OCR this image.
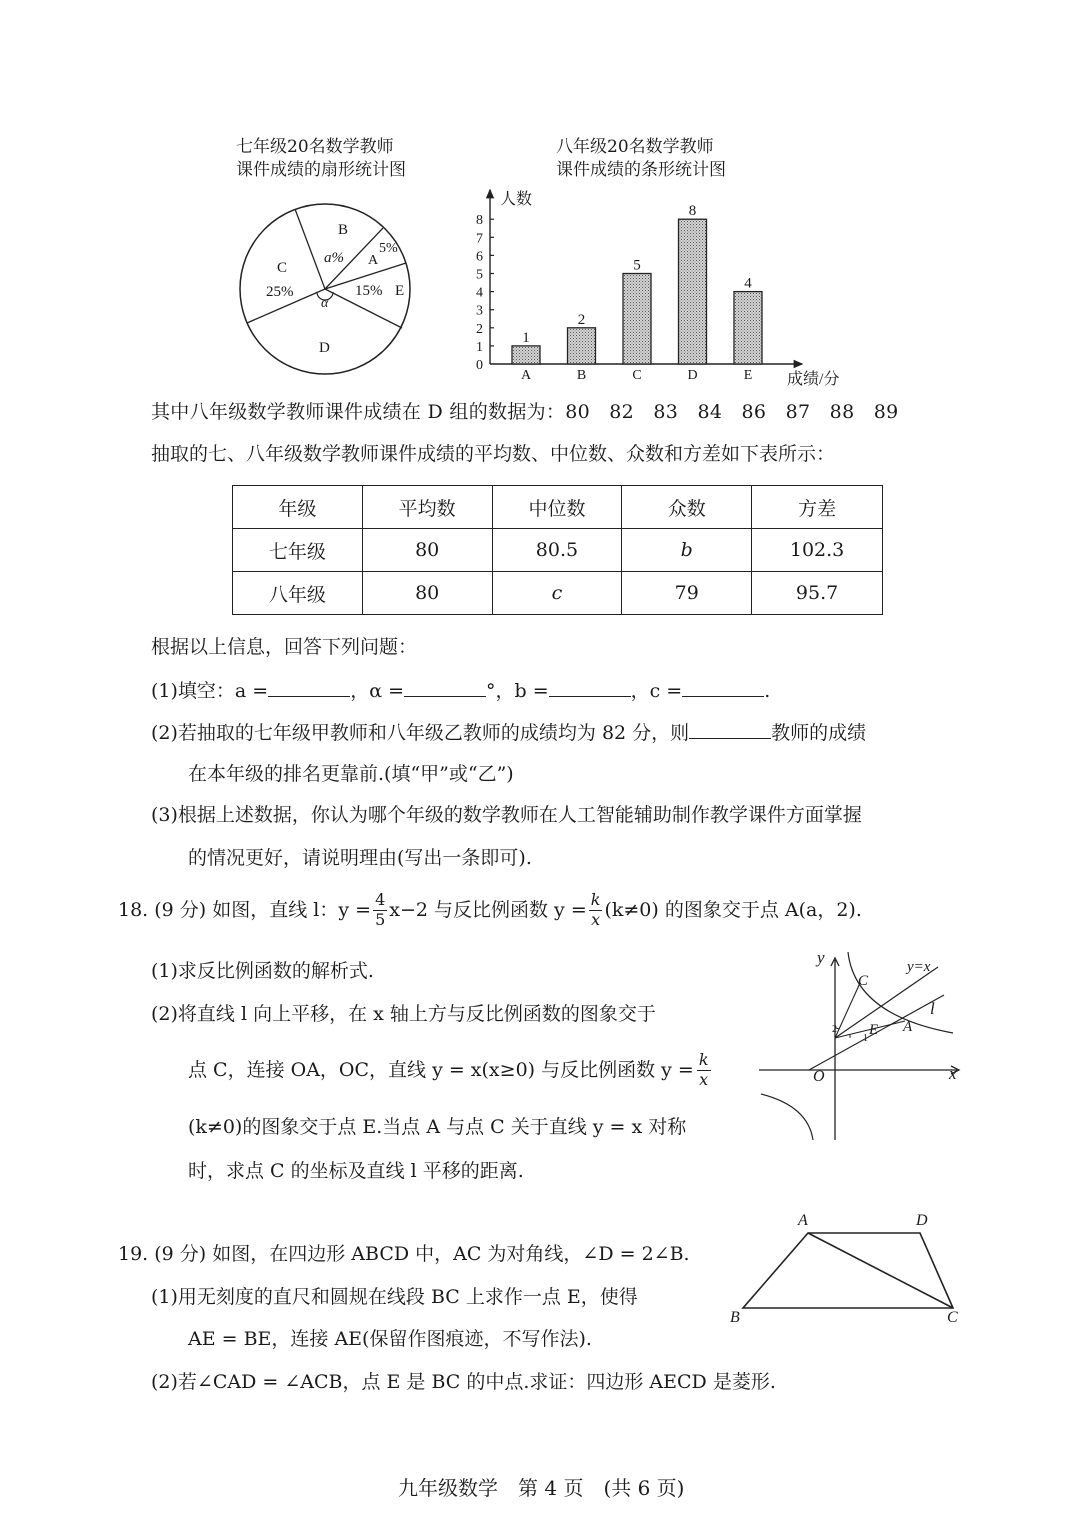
七年级20名数学教师
课件成绩的扇形统计图
八年级20名数学教师
课件成绩的条形统计图
B
a% A
5%
C
25%	15% E
D
α
0
1
2
3
4
5
6
7
8
人数
成绩/分
1
A
2
B
5
C
8
D
4
E
其中八年级数学教师课件成绩在 D 组的数据为：80　82　83　84　86　87　88　89
抽取的七、八年级数学教师课件成绩的平均数、中位数、众数和方差如下表所示：
年级	平均数	中位数	众数	方差
七年级	80	80.5	b	102.3
八年级	80	c	79	95.7
根据以上信息，回答下列问题：
(1)填空：a =	，α =	°，b =	，c =	.
(2)若抽取的七年级甲教师和八年级乙教师的成绩均为 82 分，则	教师的成绩
在本年级的排名更靠前.(填“甲”或“乙”)
(3)根据上述数据，你认为哪个年级的数学教师在人工智能辅助制作教学课件方面掌握
的情况更好，请说明理由(写出一条即可).
18. (9 分) 如图，直线 l：$y = \frac{4}{5} x-2$ 与反比例函数 $y = \frac{k}{x} (k\ne 0)$ 的图象交于点 A(a，2).
(1)求反比例函数的解析式.
(2)将直线 l 向上平移，在 x 轴上方与反比例函数的图象交于
点 C，连接 OA，OC，直线 y = x(x≥0) 与反比例函数 $y = \frac{k}{x}$
(k≠0)的图象交于点 E.当点 A 与点 C 关于直线 y = x 对称
时，求点 C 的坐标及直线 l 平移的距离.
y	y=x
C
l
E A
O	x
1
2
19. (9 分) 如图，在四边形 ABCD 中，AC 为对角线，∠D = 2∠B.
(1)用无刻度的直尺和圆规在线段 BC 上求作一点 E，使得
AE = BE，连接 AE(保留作图痕迹，不写作法).
(2)若∠CAD = ∠ACB，点 E 是 BC 的中点.求证：四边形 AECD 是菱形.
A	D
B	C
九年级数学　第 4 页　(共 6 页)
